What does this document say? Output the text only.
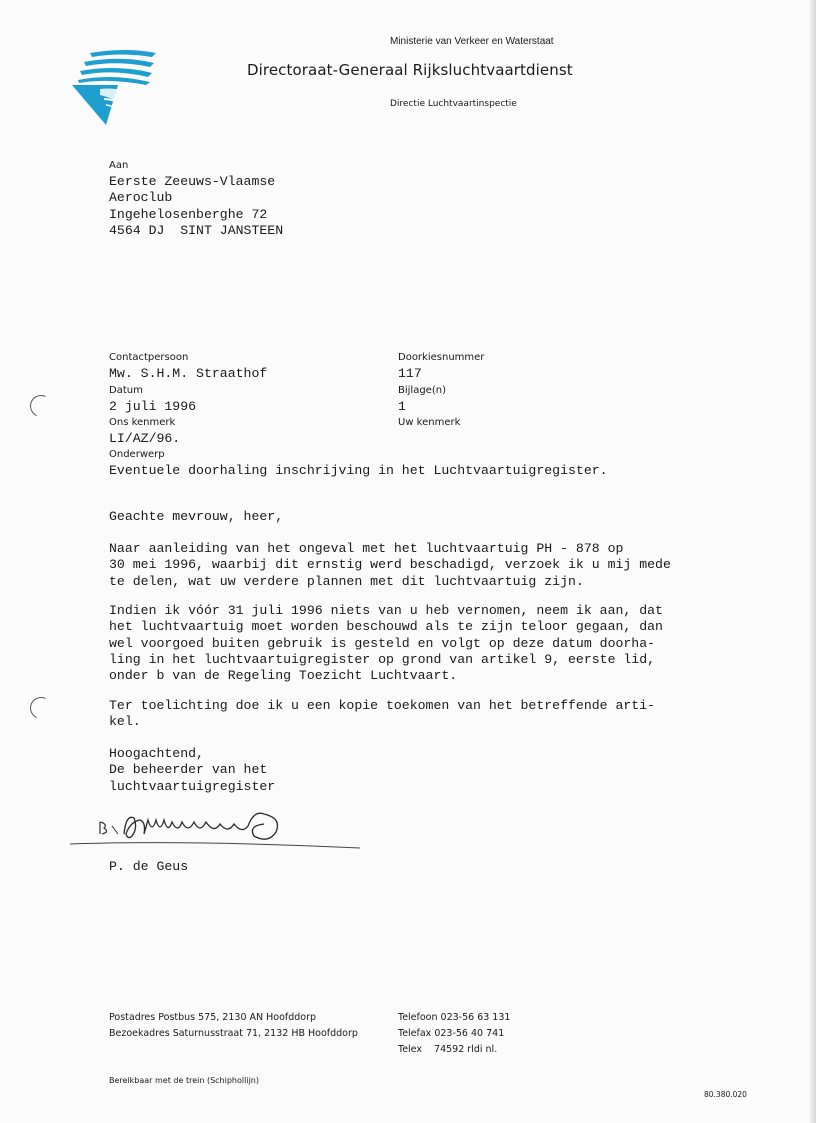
Ministerie van Verkeer en Waterstaat
Directoraat-Generaal Rijksluchtvaartdienst
Directie Luchtvaartinspectie
Aan
Eerste Zeeuws-Vlaamse
Aeroclub
Ingehelosenberghe 72
4564 DJ  SINT JANSTEEN
Contactpersoon
Mw. S.H.M. Straathof
Datum
2 juli 1996
Ons kenmerk
LI/AZ/96.
Onderwerp
Eventuele doorhaling inschrijving in het Luchtvaartuigregister.
Doorkiesnummer
117
Bijlage(n)
1
Uw kenmerk
Geachte mevrouw, heer,
Naar aanleiding van het ongeval met het luchtvaartuig PH - 878 op
30 mei 1996, waarbij dit ernstig werd beschadigd, verzoek ik u mij mede
te delen, wat uw verdere plannen met dit luchtvaartuig zijn.
Indien ik vóór 31 juli 1996 niets van u heb vernomen, neem ik aan, dat
het luchtvaartuig moet worden beschouwd als te zijn teloor gegaan, dan
wel voorgoed buiten gebruik is gesteld en volgt op deze datum doorha-
ling in het luchtvaartuigregister op grond van artikel 9, eerste lid,
onder b van de Regeling Toezicht Luchtvaart.
Ter toelichting doe ik u een kopie toekomen van het betreffende arti-
kel.
Hoogachtend,
De beheerder van het
luchtvaartuigregister
P. de Geus
Postadres Postbus 575, 2130 AN Hoofddorp
Bezoekadres Saturnusstraat 71, 2132 HB Hoofddorp
Telefoon 023-56 63 131
Telefax 023-56 40 741
Telex    74592 rldi nl.
Bereikbaar met de trein (Schiphollijn)
80.380.020
